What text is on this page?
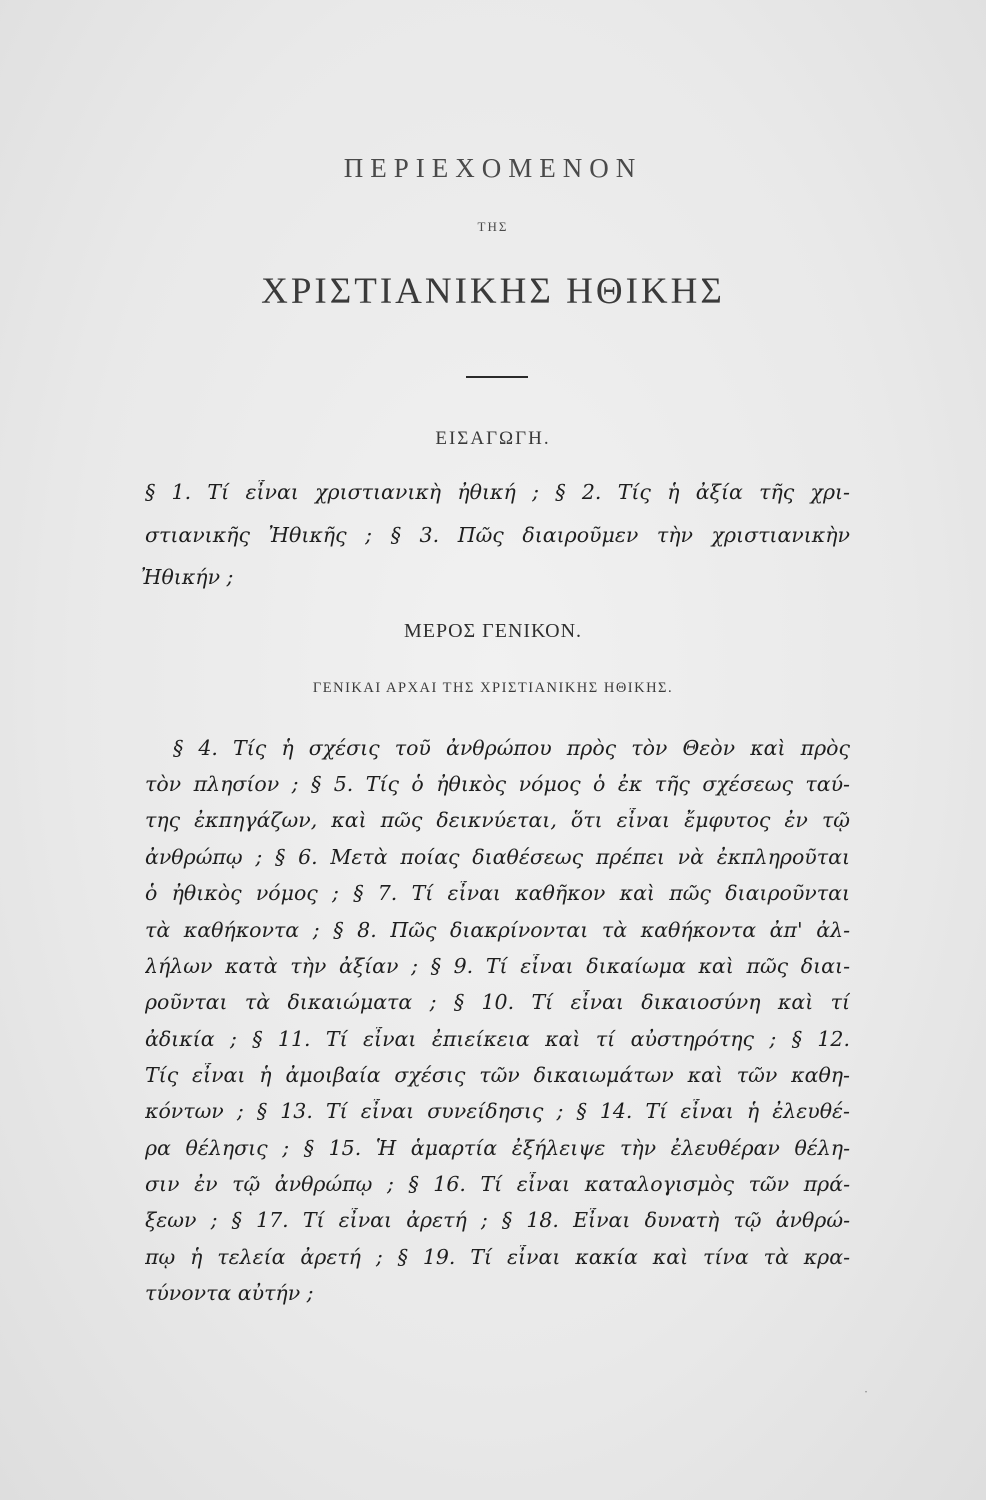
ΠΕΡΙΕΧΟΜΕΝΟΝ
ΤΗΣ
ΧΡΙΣΤΙΑΝΙΚΗΣ ΗΘΙΚΗΣ
ΕΙΣΑΓΩΓΗ.
§ 1. Τί εἶναι χριστιανικὴ ἠθική ; § 2. Τίς ἡ ἀξία τῆς χρι-
στιανικῆς Ἠθικῆς ; § 3. Πῶς διαιροῦμεν τὴν χριστιανικὴν
Ἠθικήν ;
ΜΕΡΟΣ ΓΕΝΙΚΟΝ.
ΓΕΝΙΚΑΙ ΑΡΧΑΙ ΤΗΣ ΧΡΙΣΤΙΑΝΙΚΗΣ ΗΘΙΚΗΣ.
§ 4. Τίς ἡ σχέσις τοῦ ἀνθρώπου πρὸς τὸν Θεὸν καὶ πρὸς
τὸν πλησίον ; § 5. Τίς ὁ ἠθικὸς νόμος ὁ ἐκ τῆς σχέσεως ταύ-
της ἐκπηγάζων, καὶ πῶς δεικνύεται, ὅτι εἶναι ἔμφυτος ἐν τῷ
ἀνθρώπῳ ; § 6. Μετὰ ποίας διαθέσεως πρέπει νὰ ἐκπληροῦται
ὁ ἠθικὸς νόμος ; § 7. Τί εἶναι καθῆκον καὶ πῶς διαιροῦνται
τὰ καθήκοντα ; § 8. Πῶς διακρίνονται τὰ καθήκοντα ἀπ' ἀλ-
λήλων κατὰ τὴν ἀξίαν ; § 9. Τί εἶναι δικαίωμα καὶ πῶς διαι-
ροῦνται τὰ δικαιώματα ; § 10. Τί εἶναι δικαιοσύνη καὶ τί
ἀδικία ; § 11. Τί εἶναι ἐπιείκεια καὶ τί αὐστηρότης ; § 12.
Τίς εἶναι ἡ ἀμοιβαία σχέσις τῶν δικαιωμάτων καὶ τῶν καθη-
κόντων ; § 13. Τί εἶναι συνείδησις ; § 14. Τί εἶναι ἡ ἐλευθέ-
ρα θέλησις ; § 15. Ἡ ἁμαρτία ἐξήλειψε τὴν ἐλευθέραν θέλη-
σιν ἐν τῷ ἀνθρώπῳ ; § 16. Τί εἶναι καταλογισμὸς τῶν πρά-
ξεων ; § 17. Τί εἶναι ἀρετή ; § 18. Εἶναι δυνατὴ τῷ ἀνθρώ-
πῳ ἡ τελεία ἀρετή ; § 19. Τί εἶναι κακία καὶ τίνα τὰ κρα-
τύνοντα αὐτήν ;
·
